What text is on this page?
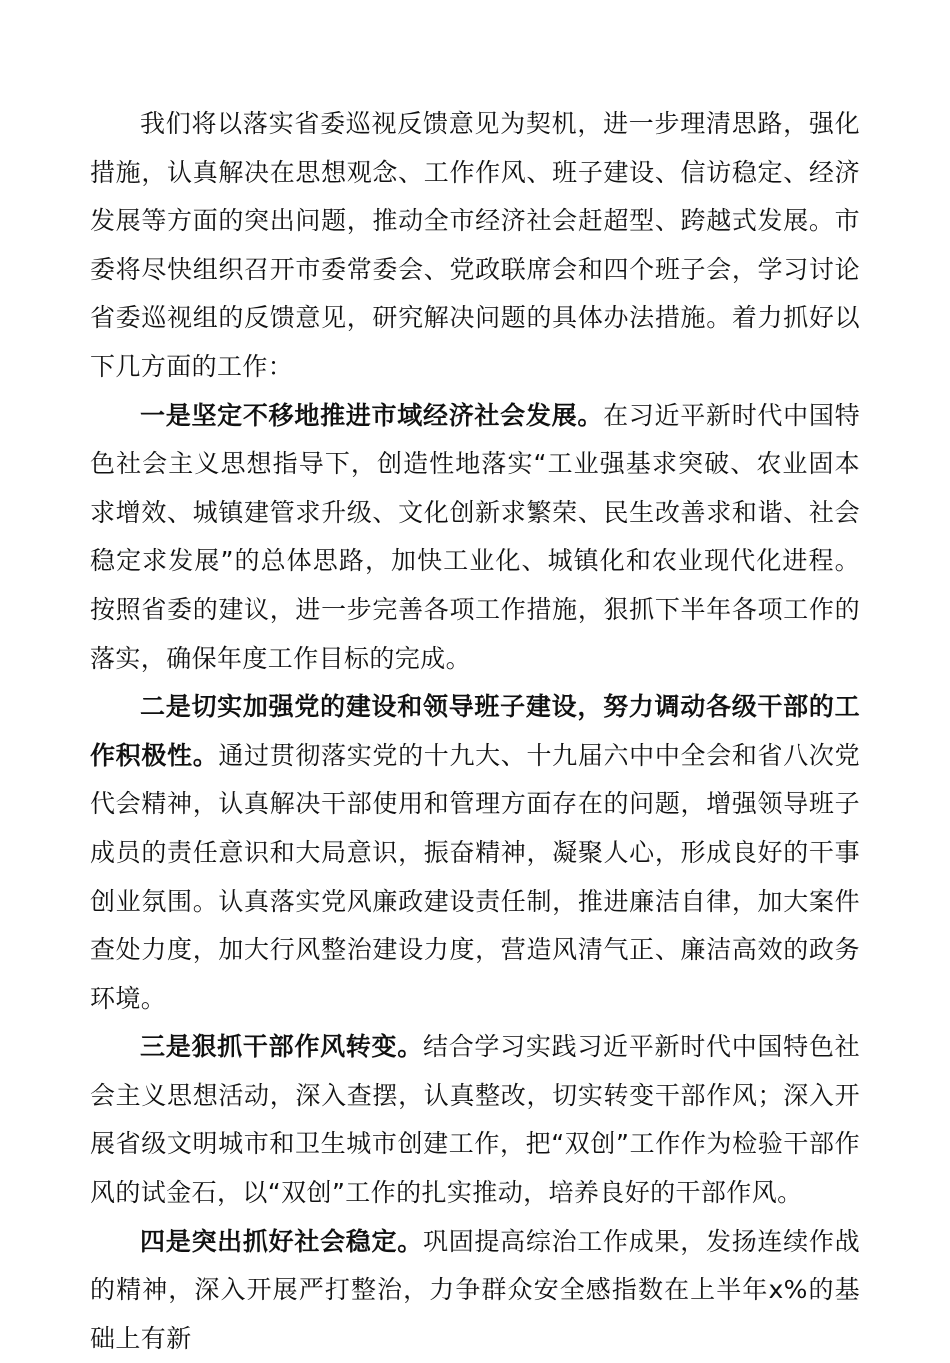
我们将以落实省委巡视反馈意见为契机，进一步理清思路，强化措施，认真解决在思想观念、工作作风、班子建设、信访稳定、经济发展等方面的突出问题，推动全市经济社会赶超型、跨越式发展。市委将尽快组织召开市委常委会、党政联席会和四个班子会，学习讨论省委巡视组的反馈意见，研究解决问题的具体办法措施。着力抓好以下几方面的工作：

一是坚定不移地推进市域经济社会发展。在习近平新时代中国特色社会主义思想指导下，创造性地落实“工业强基求突破、农业固本求增效、城镇建管求升级、文化创新求繁荣、民生改善求和谐、社会稳定求发展”的总体思路，加快工业化、城镇化和农业现代化进程。按照省委的建议，进一步完善各项工作措施，狠抓下半年各项工作的落实，确保年度工作目标的完成。

二是切实加强党的建设和领导班子建设，努力调动各级干部的工作积极性。通过贯彻落实党的十九大、十九届六中中全会和省八次党代会精神，认真解决干部使用和管理方面存在的问题，增强领导班子成员的责任意识和大局意识，振奋精神，凝聚人心，形成良好的干事创业氛围。认真落实党风廉政建设责任制，推进廉洁自律，加大案件查处力度，加大行风整治建设力度，营造风清气正、廉洁高效的政务环境。

三是狠抓干部作风转变。结合学习实践习近平新时代中国特色社会主义思想活动，深入查摆，认真整改，切实转变干部作风；深入开展省级文明城市和卫生城市创建工作，把“双创”工作作为检验干部作风的试金石，以“双创”工作的扎实推动，培养良好的干部作风。

四是突出抓好社会稳定。巩固提高综治工作成果，发扬连续作战的精神，深入开展严打整治，力争群众安全感指数在上半年x%的基础上有新
